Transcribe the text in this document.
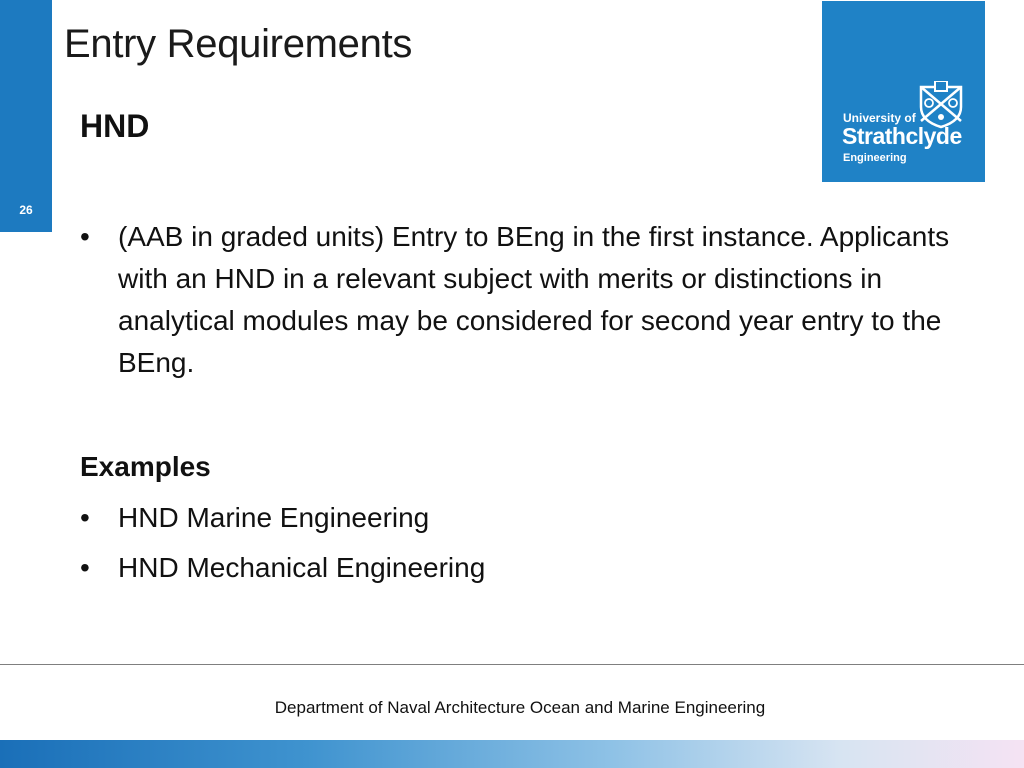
26
Entry Requirements
University of
Strathclyde
Engineering
HND
• (AAB in graded units) Entry to BEng in the first instance. Applicants with an HND in a relevant subject with merits or distinctions in analytical modules may be considered for second year entry to the BEng.
Examples
• HND Marine Engineering
• HND Mechanical Engineering
Department of Naval Architecture Ocean and Marine Engineering
